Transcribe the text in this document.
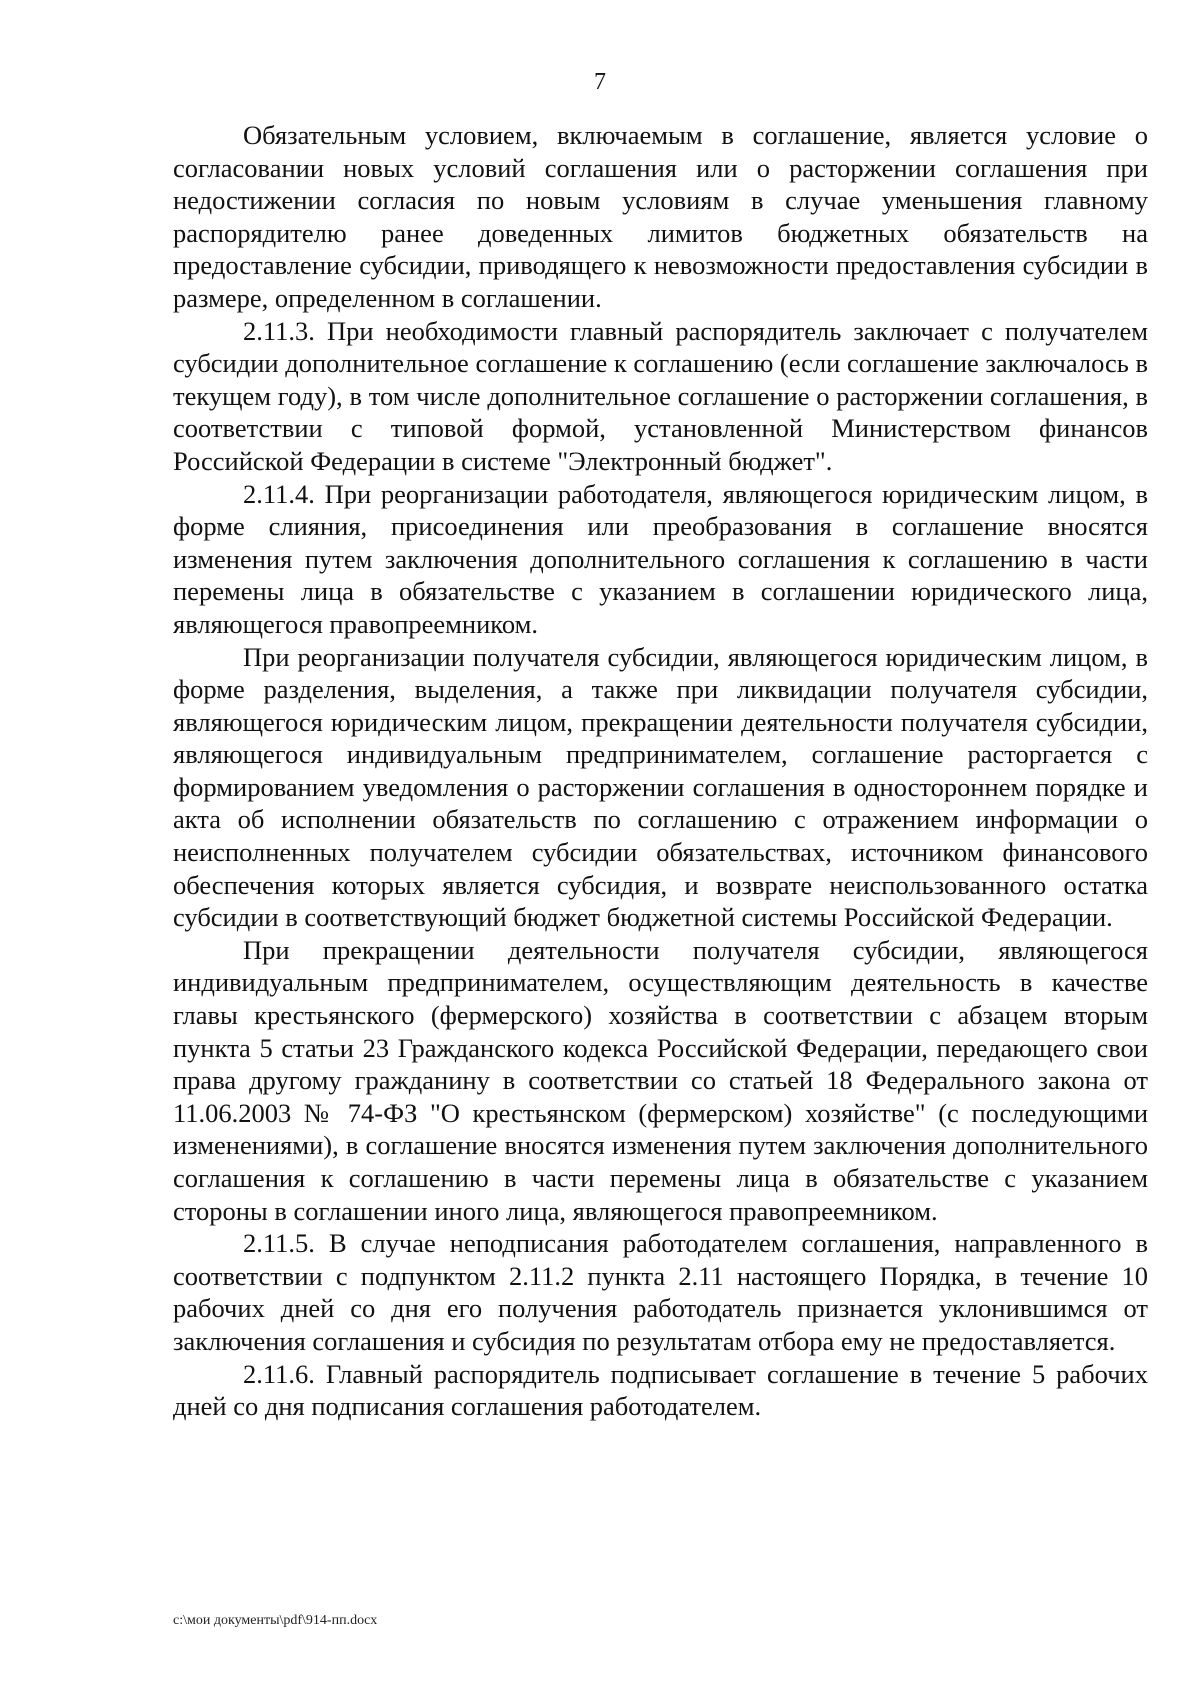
7

Обязательным условием, включаемым в соглашение, является условие о согласовании новых условий соглашения или о расторжении соглашения при недостижении согласия по новым условиям в случае уменьшения главному распорядителю ранее доведенных лимитов бюджетных обязательств на предоставление субсидии, приводящего к невозможности предоставления субсидии в размере, определенном в соглашении.

2.11.3. При необходимости главный распорядитель заключает с получателем субсидии дополнительное соглашение к соглашению (если соглашение заключалось в текущем году), в том числе дополнительное соглашение о расторжении соглашения, в соответствии с типовой формой, установленной Министерством финансов Российской Федерации в системе "Электронный бюджет".

2.11.4. При реорганизации работодателя, являющегося юридическим лицом, в форме слияния, присоединения или преобразования в соглашение вносятся изменения путем заключения дополнительного соглашения к соглашению в части перемены лица в обязательстве с указанием в соглашении юридического лица, являющегося правопреемником.

При реорганизации получателя субсидии, являющегося юридическим лицом, в форме разделения, выделения, а также при ликвидации получателя субсидии, являющегося юридическим лицом, прекращении деятельности получателя субсидии, являющегося индивидуальным предпринимателем, соглашение расторгается с формированием уведомления о расторжении соглашения в одностороннем порядке и акта об исполнении обязательств по соглашению с отражением информации о неисполненных получателем субсидии обязательствах, источником финансового обеспечения которых является субсидия, и возврате неиспользованного остатка субсидии в соответствующий бюджет бюджетной системы Российской Федерации.

При прекращении деятельности получателя субсидии, являющегося индивидуальным предпринимателем, осуществляющим деятельность в качестве главы крестьянского (фермерского) хозяйства в соответствии с абзацем вторым пункта 5 статьи 23 Гражданского кодекса Российской Федерации, передающего свои права другому гражданину в соответствии со статьей 18 Федерального закона от 11.06.2003 № 74-ФЗ "О крестьянском (фермерском) хозяйстве" (с последующими изменениями), в соглашение вносятся изменения путем заключения дополнительного соглашения к соглашению в части перемены лица в обязательстве с указанием стороны в соглашении иного лица, являющегося правопреемником.

2.11.5. В случае неподписания работодателем соглашения, направленного в соответствии с подпунктом 2.11.2 пункта 2.11 настоящего Порядка, в течение 10 рабочих дней со дня его получения работодатель признается уклонившимся от заключения соглашения и субсидия по результатам отбора ему не предоставляется.

2.11.6. Главный распорядитель подписывает соглашение в течение 5 рабочих дней со дня подписания соглашения работодателем.

c:\мои документы\pdf\914-пп.docx
